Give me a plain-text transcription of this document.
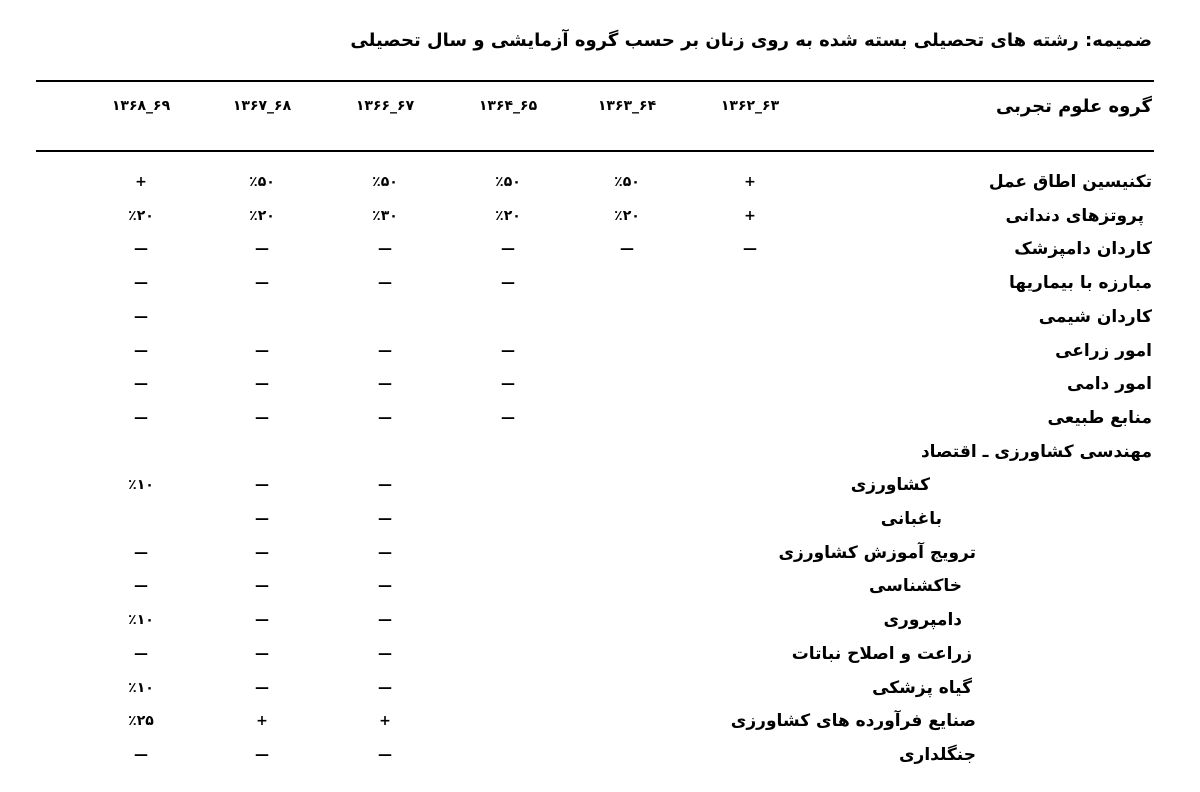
ضمیمه: رشته های تحصیلی بسته شده به روی زنان بر حسب گروه آزمایشی و سال تحصیلی
گروه علوم تجربی
۱۳۶۲_۶۳
۱۳۶۳_۶۴
۱۳۶۴_۶۵
۱۳۶۶_۶۷
۱۳۶۷_۶۸
۱۳۶۸_۶۹
تکنیسین اطاق عمل
+
٪۵۰
٪۵۰
٪۵۰
٪۵۰
+
پروتزهای دندانی
+
٪۲۰
٪۲۰
٪۳۰
٪۲۰
٪۲۰
کاردان دامپزشک
—
—
—
—
—
—
مبارزه با بیماریها
—
—
—
—
کاردان شیمی
—
امور زراعی
—
—
—
—
امور دامی
—
—
—
—
منابع طبیعی
—
—
—
—
مهندسی کشاورزی ـ اقتصاد
کشاورزی
—
—
٪۱۰
باغبانی
—
—
ترویج آموزش کشاورزی
—
—
—
خاکشناسی
—
—
—
دامپروری
—
—
٪۱۰
زراعت و اصلاح نباتات
—
—
—
گیاه پزشکی
—
—
٪۱۰
صنایع فرآورده های کشاورزی
+
+
٪۲۵
جنگلداری
—
—
—
